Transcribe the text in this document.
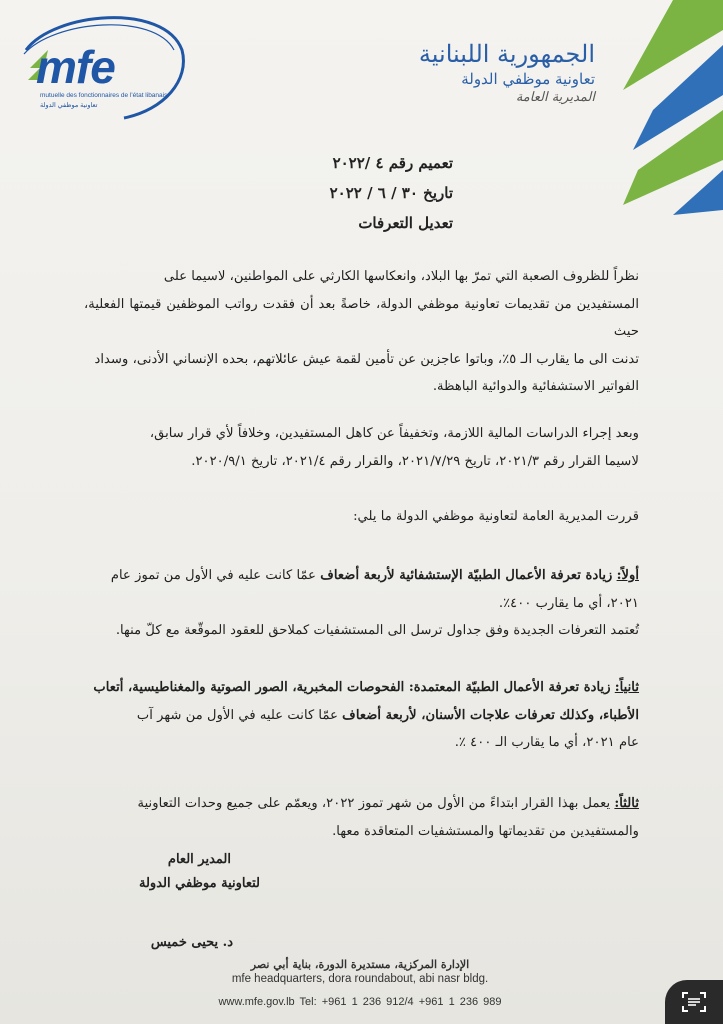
mfe
mutuelle des fonctionnaires de l'état libanais
تعاونية موظفي الدولة
الجمهورية اللبنانية
تعاونية موظفي الدولة
المديرية العامة
تعميم رقم ٤ /٢٠٢٢
تاريخ ٣٠ / ٦ / ٢٠٢٢
تعديل التعرفات
نظراً للظروف الصعبة التي تمرّ بها البلاد، وانعكاسها الكارثي على المواطنين، لاسيما على
المستفيدين من تقديمات تعاونية موظفي الدولة، خاصةً بعد أن فقدت رواتب الموظفين قيمتها الفعلية، حيث
تدنت الى ما يقارب الـ ٥٪، وباتوا عاجزين عن تأمين لقمة عيش عائلاتهم، بحده الإنساني الأدنى، وسداد
الفواتير الاستشفائية والدوائية الباهظة.
وبعد إجراء الدراسات المالية اللازمة، وتخفيفاً عن كاهل المستفيدين، وخلافاً لأي قرار سابق،
لاسيما القرار رقم ٢٠٢١/٣، تاريخ ٢٠٢١/٧/٢٩، والقرار رقم ٢٠٢١/٤، تاريخ ٢٠٢٠/٩/١.
قررت المديرية العامة لتعاونية موظفي الدولة ما يلي:
أولاً: زيادة تعرفة الأعمال الطبيّة الإستشفائية لأربعة أضعاف عمّا كانت عليه في الأول من تموز عام
٢٠٢١، أي ما يقارب ٤٠٠٪.
تُعتمد التعرفات الجديدة وفق جداول ترسل الى المستشفيات كملاحق للعقود الموقّعة مع كلّ منها.
ثانياً: زيادة تعرفة الأعمال الطبيّة المعتمدة: الفحوصات المخبرية، الصور الصوتية والمغناطيسية، أتعاب
الأطباء، وكذلك تعرفات علاجات الأسنان، لأربعة أضعاف عمّا كانت عليه في الأول من شهر آب
عام ٢٠٢١، أي ما يقارب الـ ٤٠٠ ٪.
ثالثاً: يعمل بهذا القرار ابتداءً من الأول من شهر تموز ٢٠٢٢، ويعمّم على جميع وحدات التعاونية
والمستفيدين من تقديماتها والمستشفيات المتعاقدة معها.
المدير العام
لتعاونية موظفي الدولة
د. يحيى خميس
الإدارة المركزية، مستديرة الدورة، بناية أبي نصر
mfe headquarters, dora roundabout, abi nasr bldg.
www.mfe.gov.lb Tel: +961 1 236 912/4 +961 1 236 989
